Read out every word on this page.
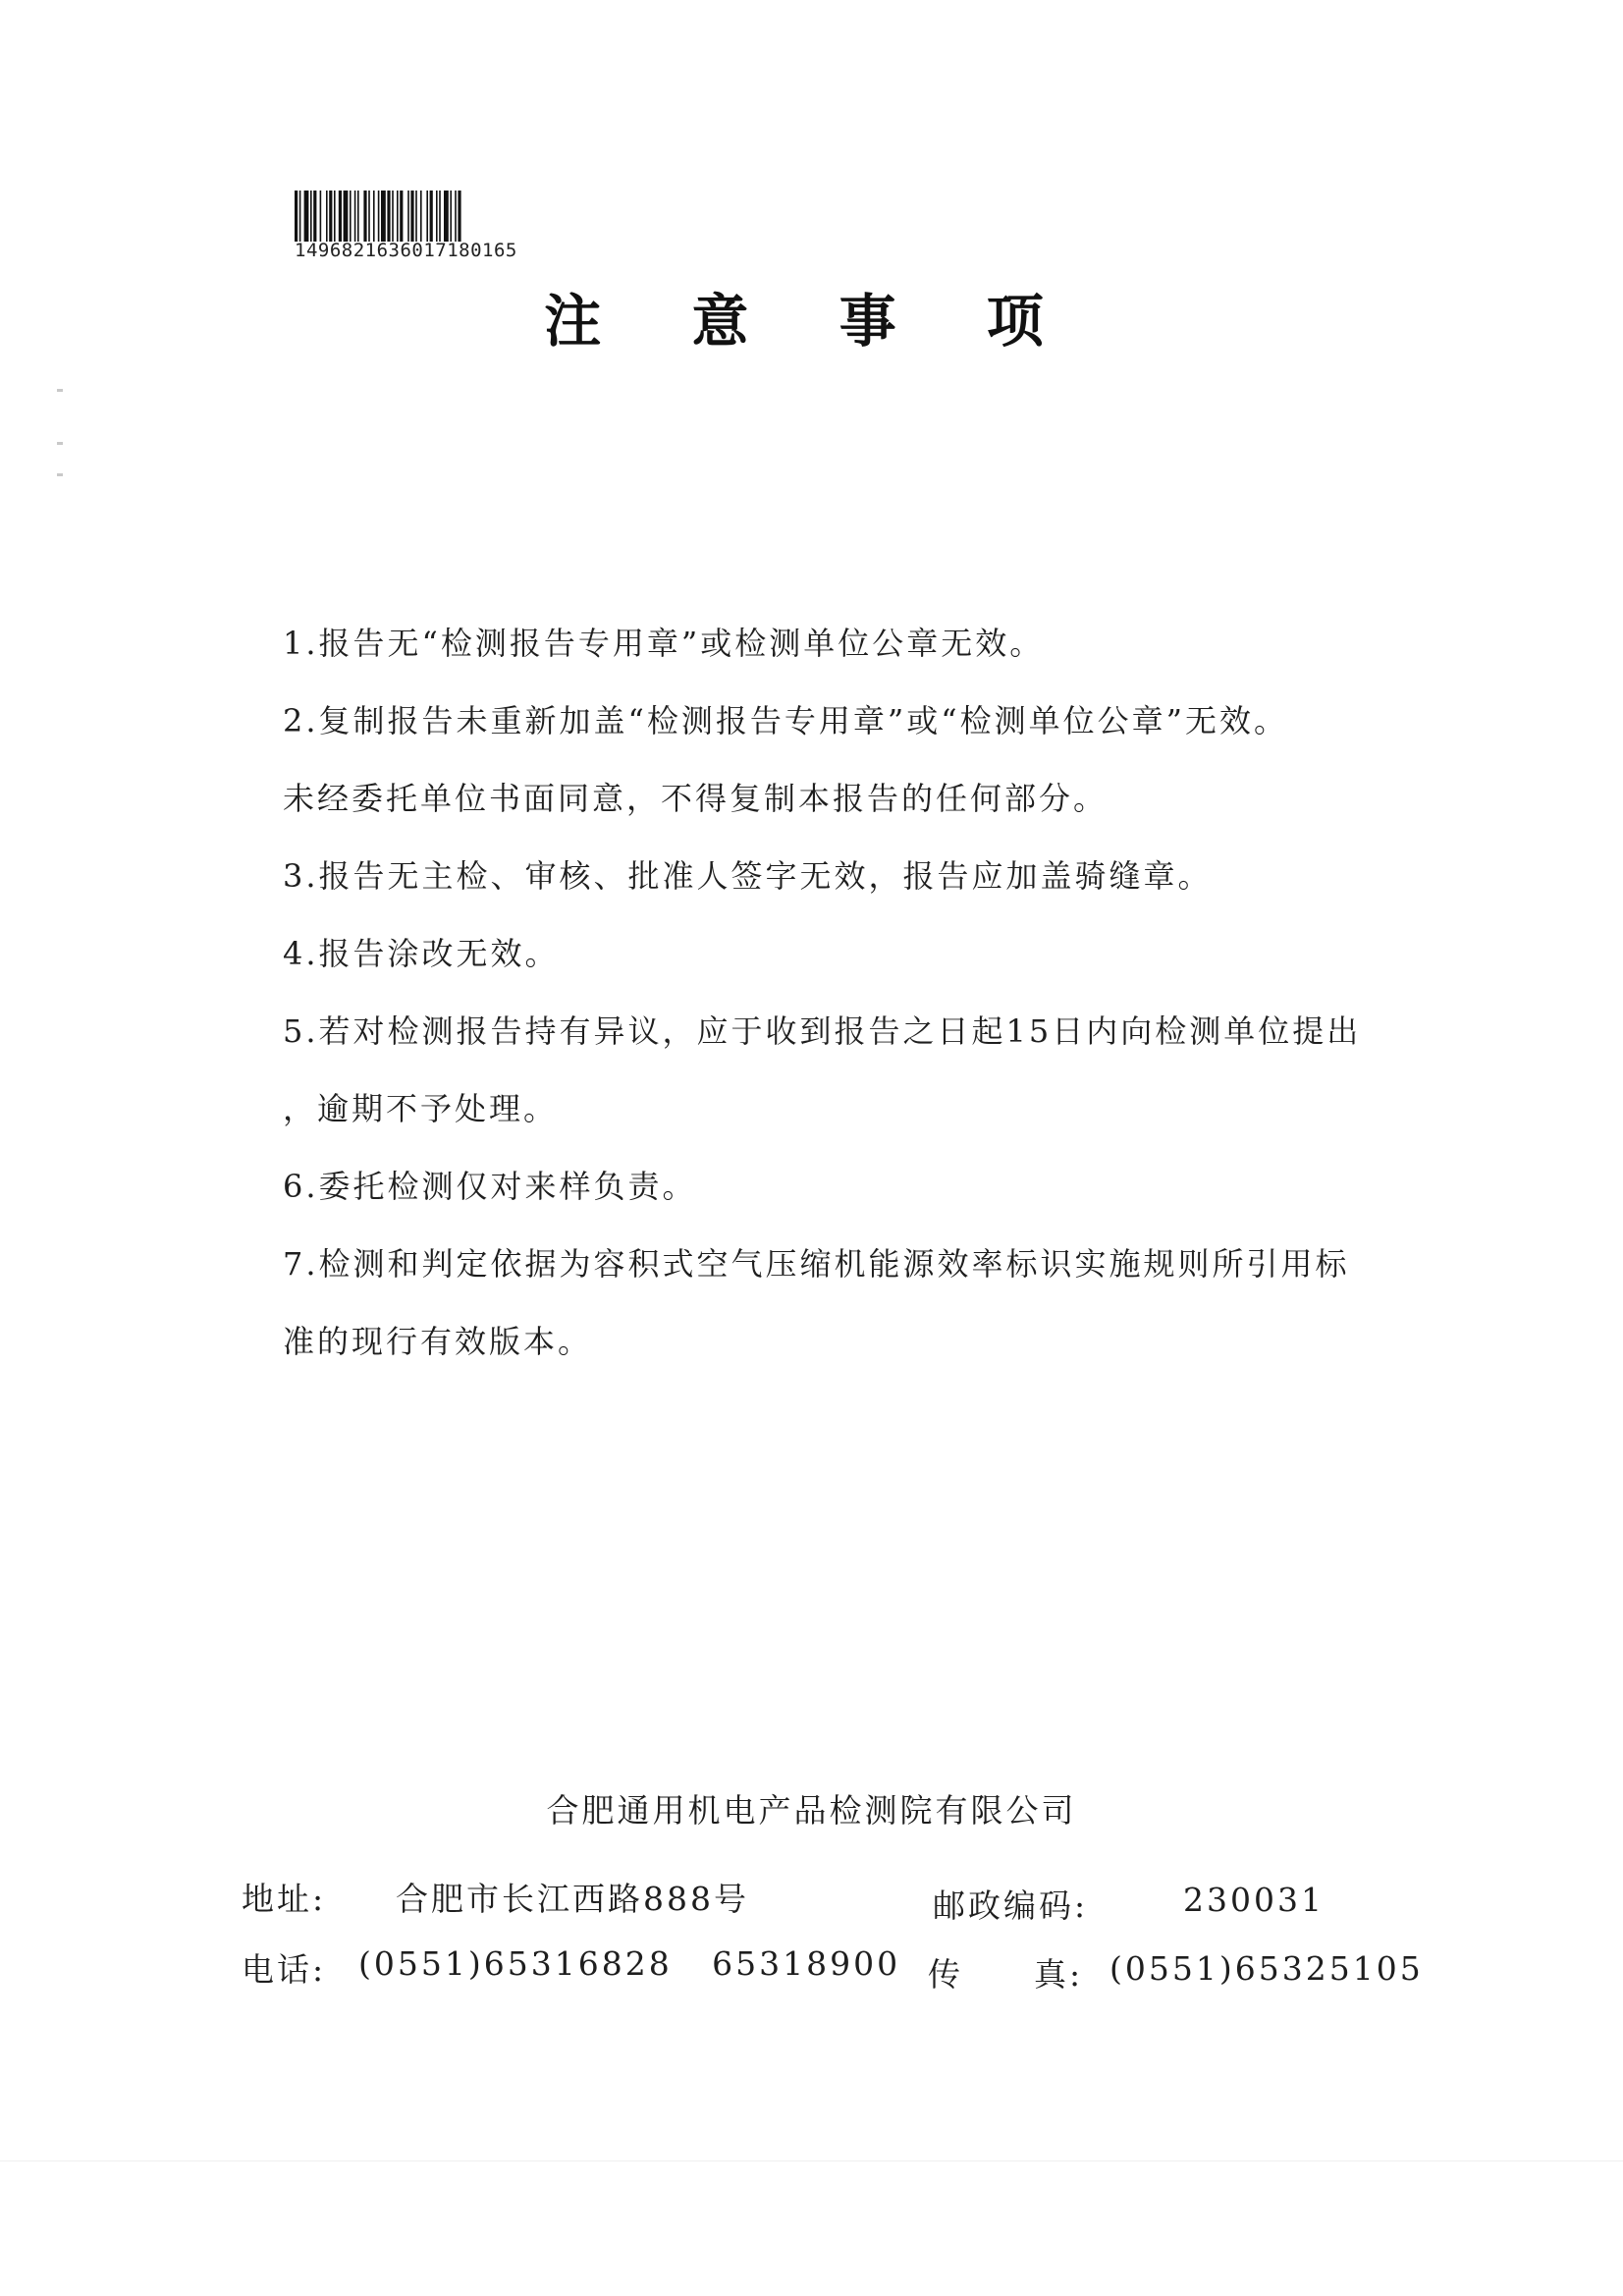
1496821636017180165
注 意 事 项
1.报告无“检测报告专用章”或检测单位公章无效。
2.复制报告未重新加盖“检测报告专用章”或“检测单位公章”无效。
未经委托单位书面同意，不得复制本报告的任何部分。
3.报告无主检、审核、批准人签字无效，报告应加盖骑缝章。
4.报告涂改无效。
5.若对检测报告持有异议，应于收到报告之日起15日内向检测单位提出
，逾期不予处理。
6.委托检测仅对来样负责。
7.检测和判定依据为容积式空气压缩机能源效率标识实施规则所引用标
准的现行有效版本。
合肥通用机电产品检测院有限公司
地址: 合肥市长江西路888号	邮政编码:	230031
电话: (0551)65316828   65318900 传　　真: (0551)65325105
